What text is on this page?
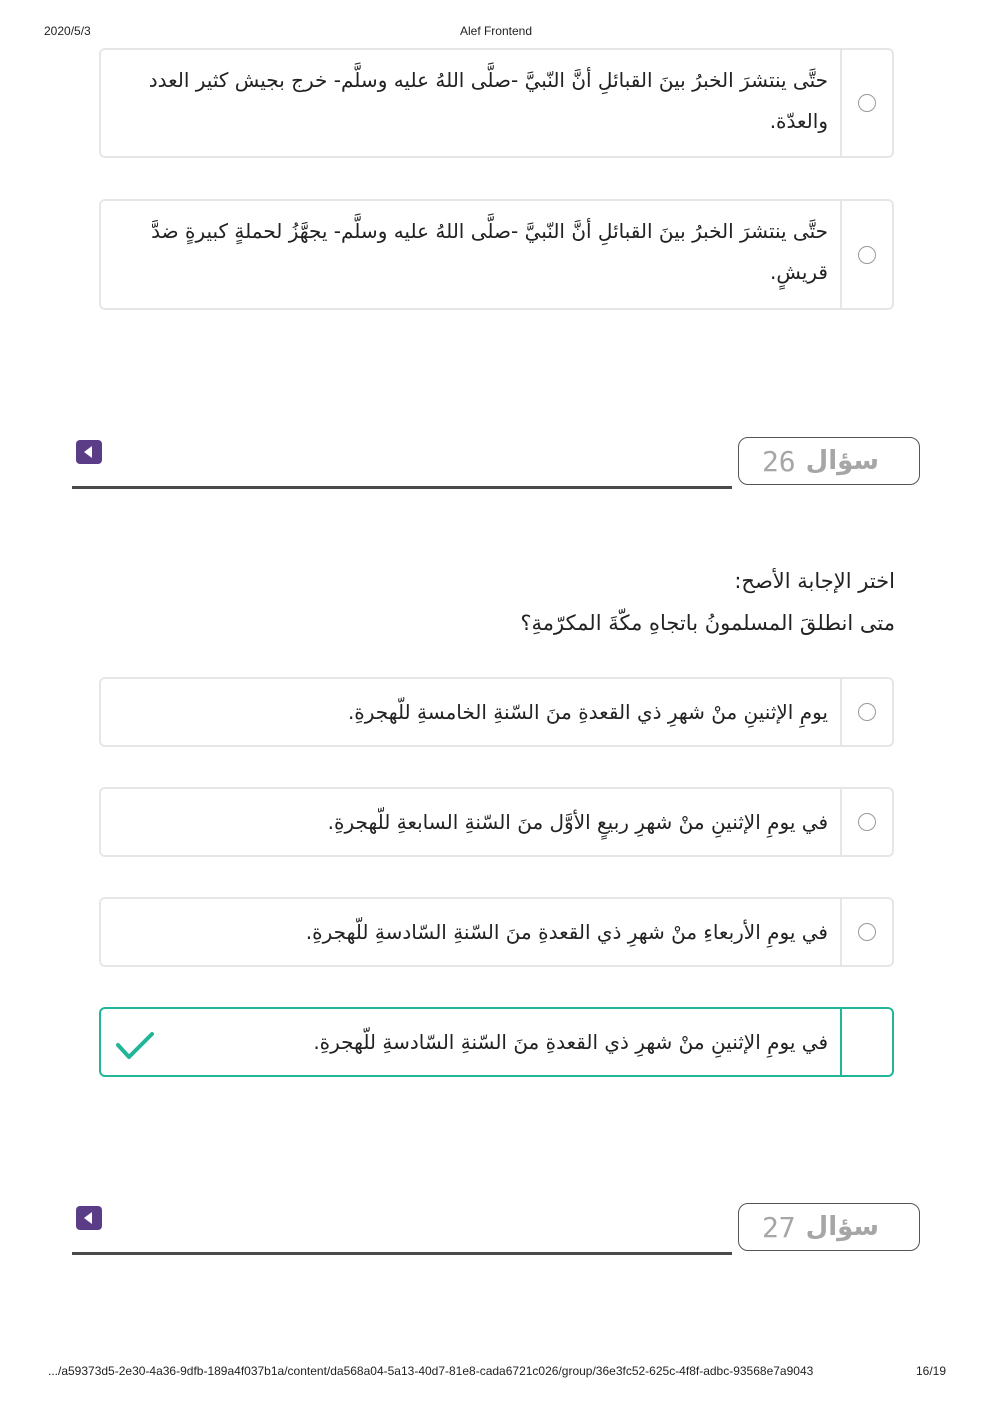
2020/5/3	Alef Frontend
حتَّى ينتشرَ الخبرُ بينَ القبائلِ أنَّ النّبيَّ -صلَّى اللهُ عليه وسلَّم- خرج بجيش كثير العدد والعدّة.
حتَّى ينتشرَ الخبرُ بينَ القبائلِ أنَّ النّبيَّ -صلَّى اللهُ عليه وسلَّم- يجهَّزُ لحملةٍ كبيرةٍ ضدَّ قريشٍ.
سؤال
26
اختر الإجابة الأصح:
متى انطلقَ المسلمونُ باتجاهِ مكّةَ المكرّمةِ؟
يومِ الإثنينِ منْ شهرِ ذي القعدةِ منَ السّنةِ الخامسةِ للّهجرةِ.
في يومِ الإثنينِ منْ شهرِ ربيعٍ الأوَّل منَ السّنةِ السابعةِ للّهجرةِ.
في يومِ الأربعاءِ منْ شهرِ ذي القعدةِ منَ السّنةِ السّادسةِ للّهجرةِ.
في يومِ الإثنينِ منْ شهرِ ذي القعدةِ منَ السّنةِ السّادسةِ للّهجرةِ.
سؤال
27
.../a59373d5-2e30-4a36-9dfb-189a4f037b1a/content/da568a04-5a13-40d7-81e8-cada6721c026/group/36e3fc52-625c-4f8f-adbc-93568e7a9043	16/19
